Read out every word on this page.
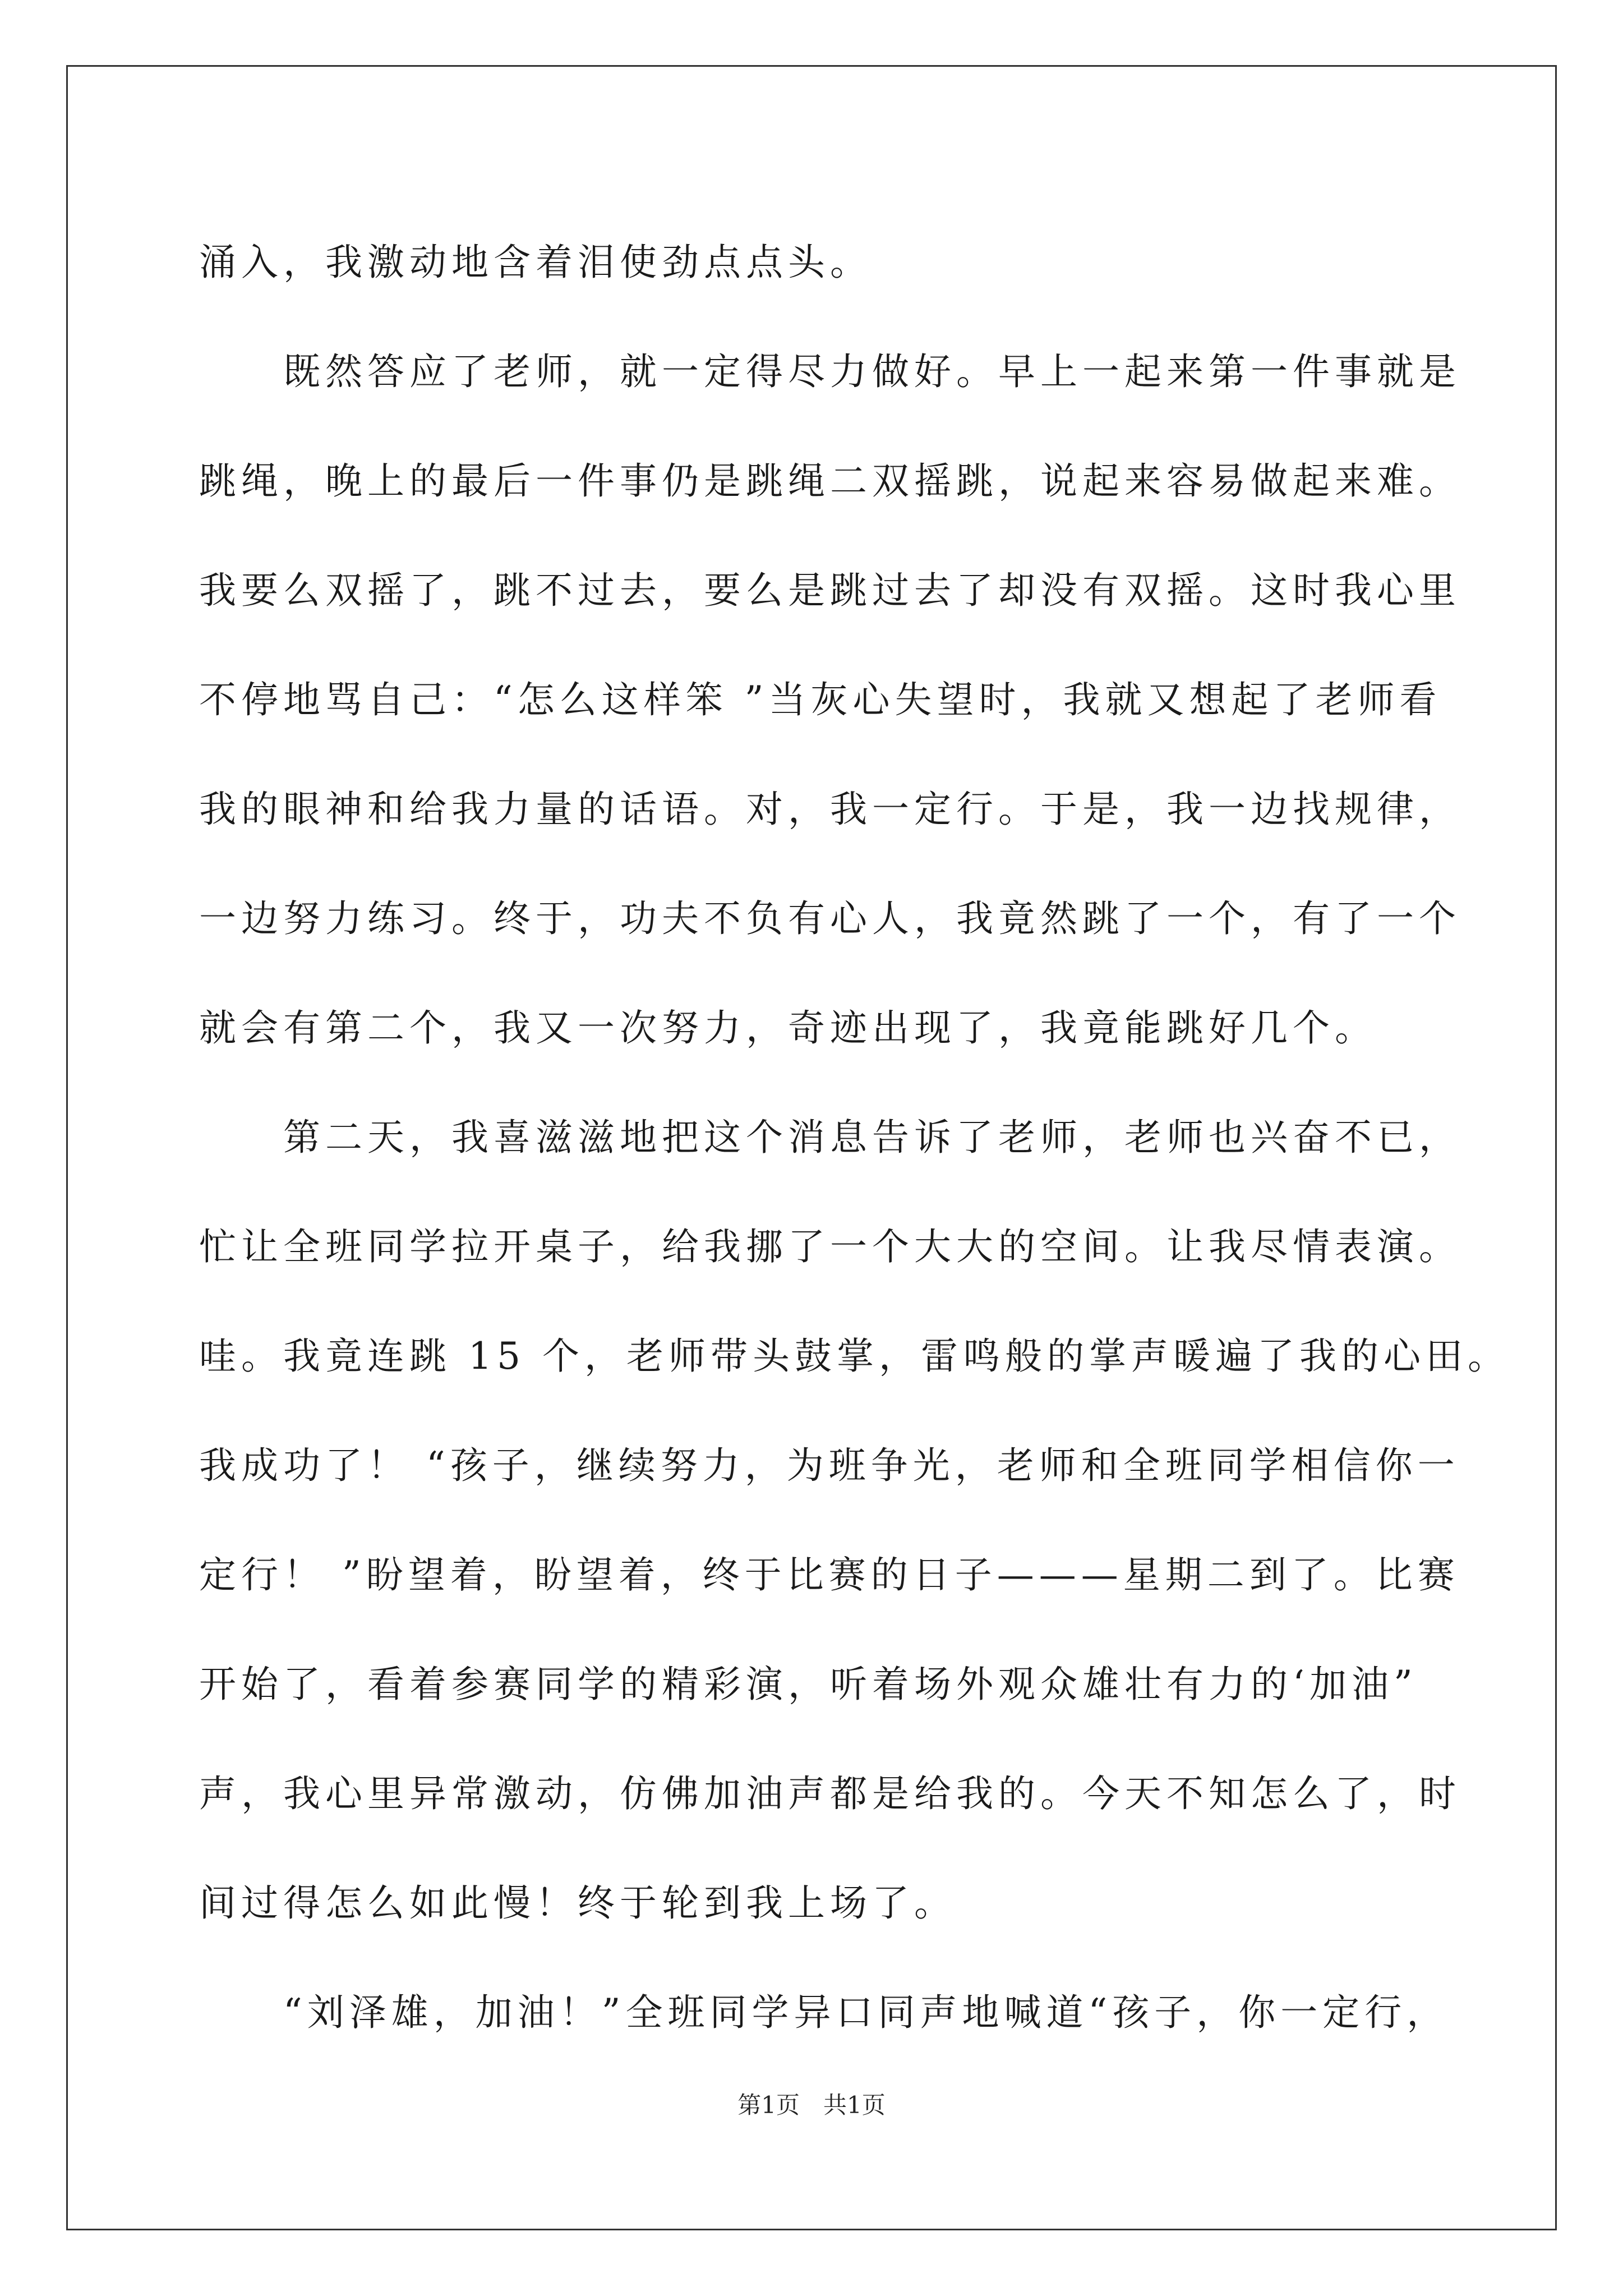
涌入，我激动地含着泪使劲点点头。
既然答应了老师，就一定得尽力做好。早上一起来第一件事就是
跳绳，晚上的最后一件事仍是跳绳二双摇跳，说起来容易做起来难。
我要么双摇了，跳不过去，要么是跳过去了却没有双摇。这时我心里
不停地骂自己：“怎么这样笨 ”当灰心失望时，我就又想起了老师看
我的眼神和给我力量的话语。对，我一定行。于是，我一边找规律，
一边努力练习。终于，功夫不负有心人，我竟然跳了一个，有了一个
就会有第二个，我又一次努力，奇迹出现了，我竟能跳好几个。
第二天，我喜滋滋地把这个消息告诉了老师，老师也兴奋不已，
忙让全班同学拉开桌子，给我挪了一个大大的空间。让我尽情表演。
哇。我竟连跳 15 个，老师带头鼓掌，雷鸣般的掌声暖遍了我的心田。
我成功了！ “孩子，继续努力，为班争光，老师和全班同学相信你一
定行！ ”盼望着，盼望着，终于比赛的日子———星期二到了。比赛
开始了，看着参赛同学的精彩演，听着场外观众雄壮有力的‘加油”
声，我心里异常激动，仿佛加油声都是给我的。今天不知怎么了，时
间过得怎么如此慢！终于轮到我上场了。
“刘泽雄，加油！”全班同学异口同声地喊道“孩子，你一定行，
第1页　共1页
